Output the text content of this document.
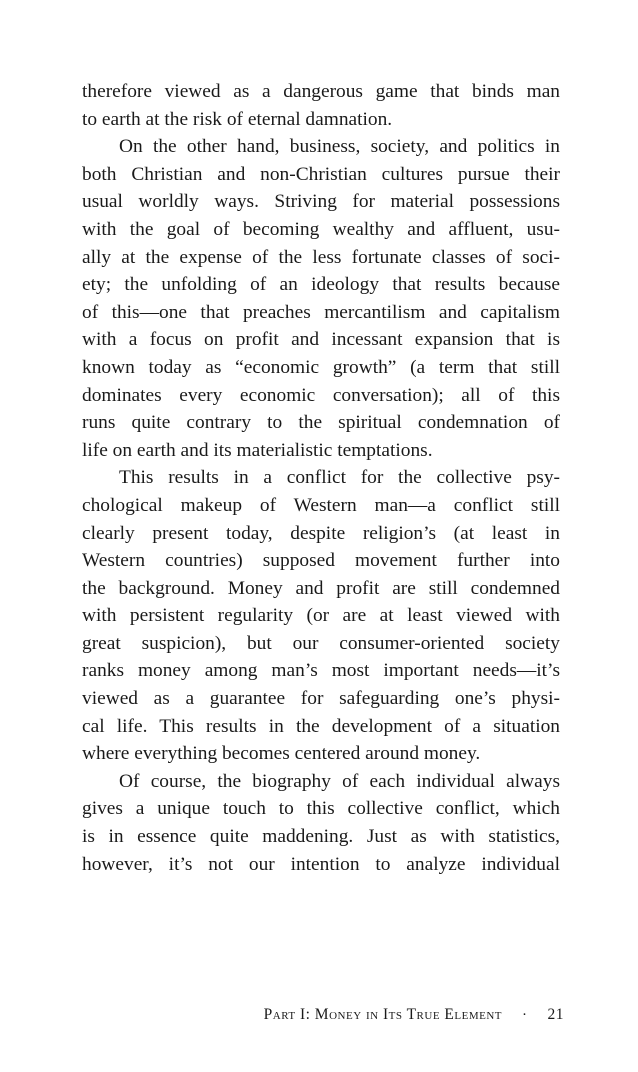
therefore viewed as a dangerous game that binds man
to earth at the risk of eternal damnation.
On the other hand, business, society, and politics in
both Christian and non-Christian cultures pursue their
usual worldly ways. Striving for material possessions
with the goal of becoming wealthy and affluent, usu-
ally at the expense of the less fortunate classes of soci-
ety; the unfolding of an ideology that results because
of this—one that preaches mercantilism and capitalism
with a focus on profit and incessant expansion that is
known today as “economic growth” (a term that still
dominates every economic conversation); all of this
runs quite contrary to the spiritual condemnation of
life on earth and its materialistic temptations.
This results in a conflict for the collective psy-
chological makeup of Western man—a conflict still
clearly present today, despite religion’s (at least in
Western countries) supposed movement further into
the background. Money and profit are still condemned
with persistent regularity (or are at least viewed with
great suspicion), but our consumer-oriented society
ranks money among man’s most important needs—it’s
viewed as a guarantee for safeguarding one’s physi-
cal life. This results in the development of a situation
where everything becomes centered around money.
Of course, the biography of each individual always
gives a unique touch to this collective conflict, which
is in essence quite maddening. Just as with statistics,
however, it’s not our intention to analyze individual
Part I: Money in Its True Element · 21
